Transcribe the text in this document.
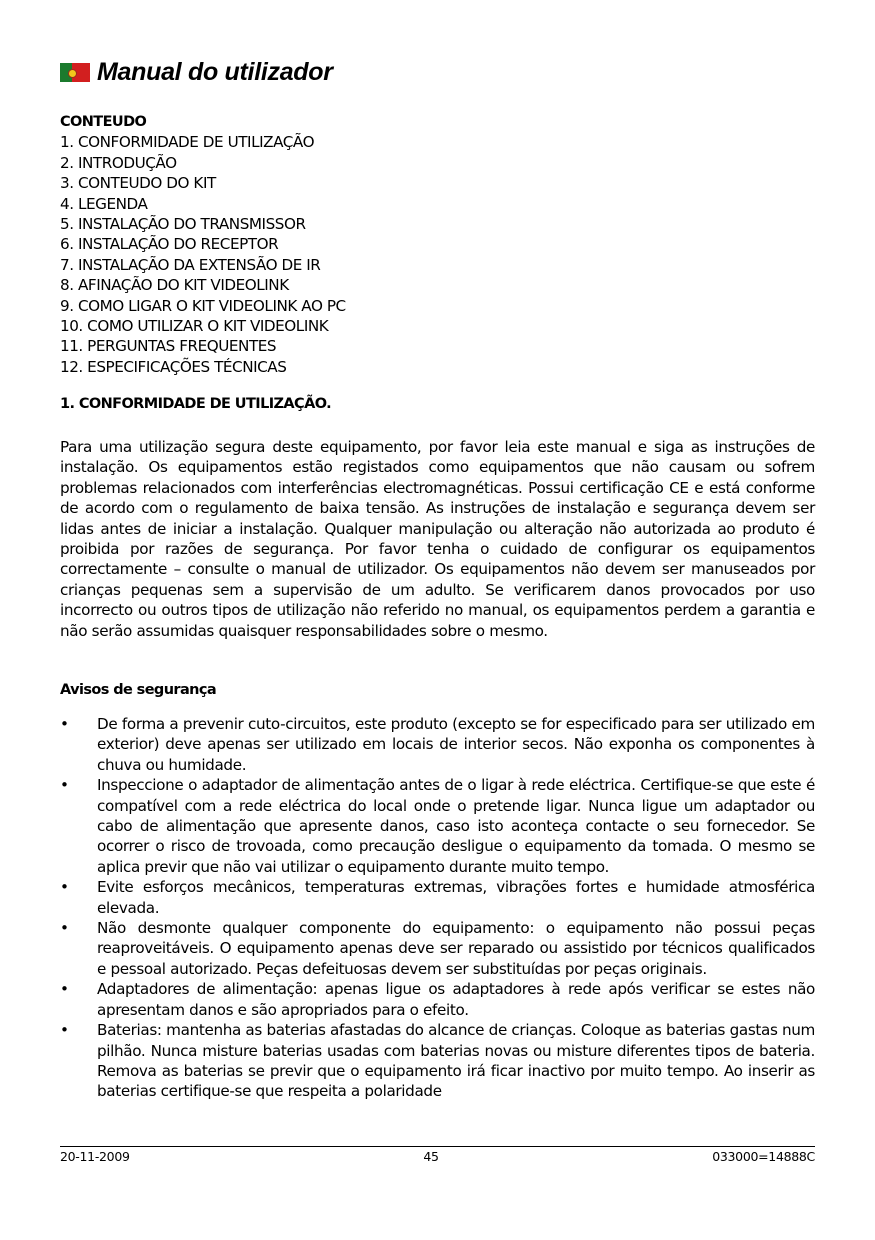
Manual do utilizador
CONTEUDO
1. CONFORMIDADE DE UTILIZAÇÃO
2. INTRODUÇÃO
3. CONTEUDO DO KIT
4. LEGENDA
5. INSTALAÇÃO DO TRANSMISSOR
6. INSTALAÇÃO DO RECEPTOR
7. INSTALAÇÃO DA EXTENSÃO DE IR
8. AFINAÇÃO DO KIT VIDEOLINK
9. COMO LIGAR O KIT VIDEOLINK AO PC
10. COMO UTILIZAR O KIT VIDEOLINK
11. PERGUNTAS FREQUENTES
12. ESPECIFICAÇÕES TÉCNICAS
1. CONFORMIDADE DE UTILIZAÇÃO.

Para uma utilização segura deste equipamento, por favor leia este manual e siga as instruções de instalação. Os equipamentos estão registados como equipamentos que não causam ou sofrem problemas relacionados com interferências electromagnéticas. Possui certificação CE e está conforme de acordo com o regulamento de baixa tensão. As instruções de instalação e segurança devem ser lidas antes de iniciar a instalação. Qualquer manipulação ou alteração não autorizada ao produto é proibida por razões de segurança. Por favor tenha o cuidado de configurar os equipamentos correctamente – consulte o manual de utilizador. Os equipamentos não devem ser manuseados por crianças pequenas sem a supervisão de um adulto. Se verificarem danos provocados por uso incorrecto ou outros tipos de utilização não referido no manual, os equipamentos perdem a garantia e não serão assumidas quaisquer responsabilidades sobre o mesmo.

Avisos de segurança
• De forma a prevenir cuto-circuitos, este produto (excepto se for especificado para ser utilizado em exterior) deve apenas ser utilizado em locais de interior secos. Não exponha os componentes à chuva ou humidade.
• Inspeccione o adaptador de alimentação antes de o ligar à rede eléctrica. Certifique-se que este é compatível com a rede eléctrica do local onde o pretende ligar. Nunca ligue um adaptador ou cabo de alimentação que apresente danos, caso isto aconteça contacte o seu fornecedor. Se ocorrer o risco de trovoada, como precaução desligue o equipamento da tomada. O mesmo se aplica previr que não vai utilizar o equipamento durante muito tempo.
• Evite esforços mecânicos, temperaturas extremas, vibrações fortes e humidade atmosférica elevada.
• Não desmonte qualquer componente do equipamento: o equipamento não possui peças reaproveitáveis. O equipamento apenas deve ser reparado ou assistido por técnicos qualificados e pessoal autorizado. Peças defeituosas devem ser substituídas por peças originais.
• Adaptadores de alimentação: apenas ligue os adaptadores à rede após verificar se estes não apresentam danos e são apropriados para o efeito.
• Baterias: mantenha as baterias afastadas do alcance de crianças. Coloque as baterias gastas num pilhão. Nunca misture baterias usadas com baterias novas ou misture diferentes tipos de bateria. Remova as baterias se previr que o equipamento irá ficar inactivo por muito tempo. Ao inserir as baterias certifique-se que respeita a polaridade
20-11-2009	45	033000=14888C
